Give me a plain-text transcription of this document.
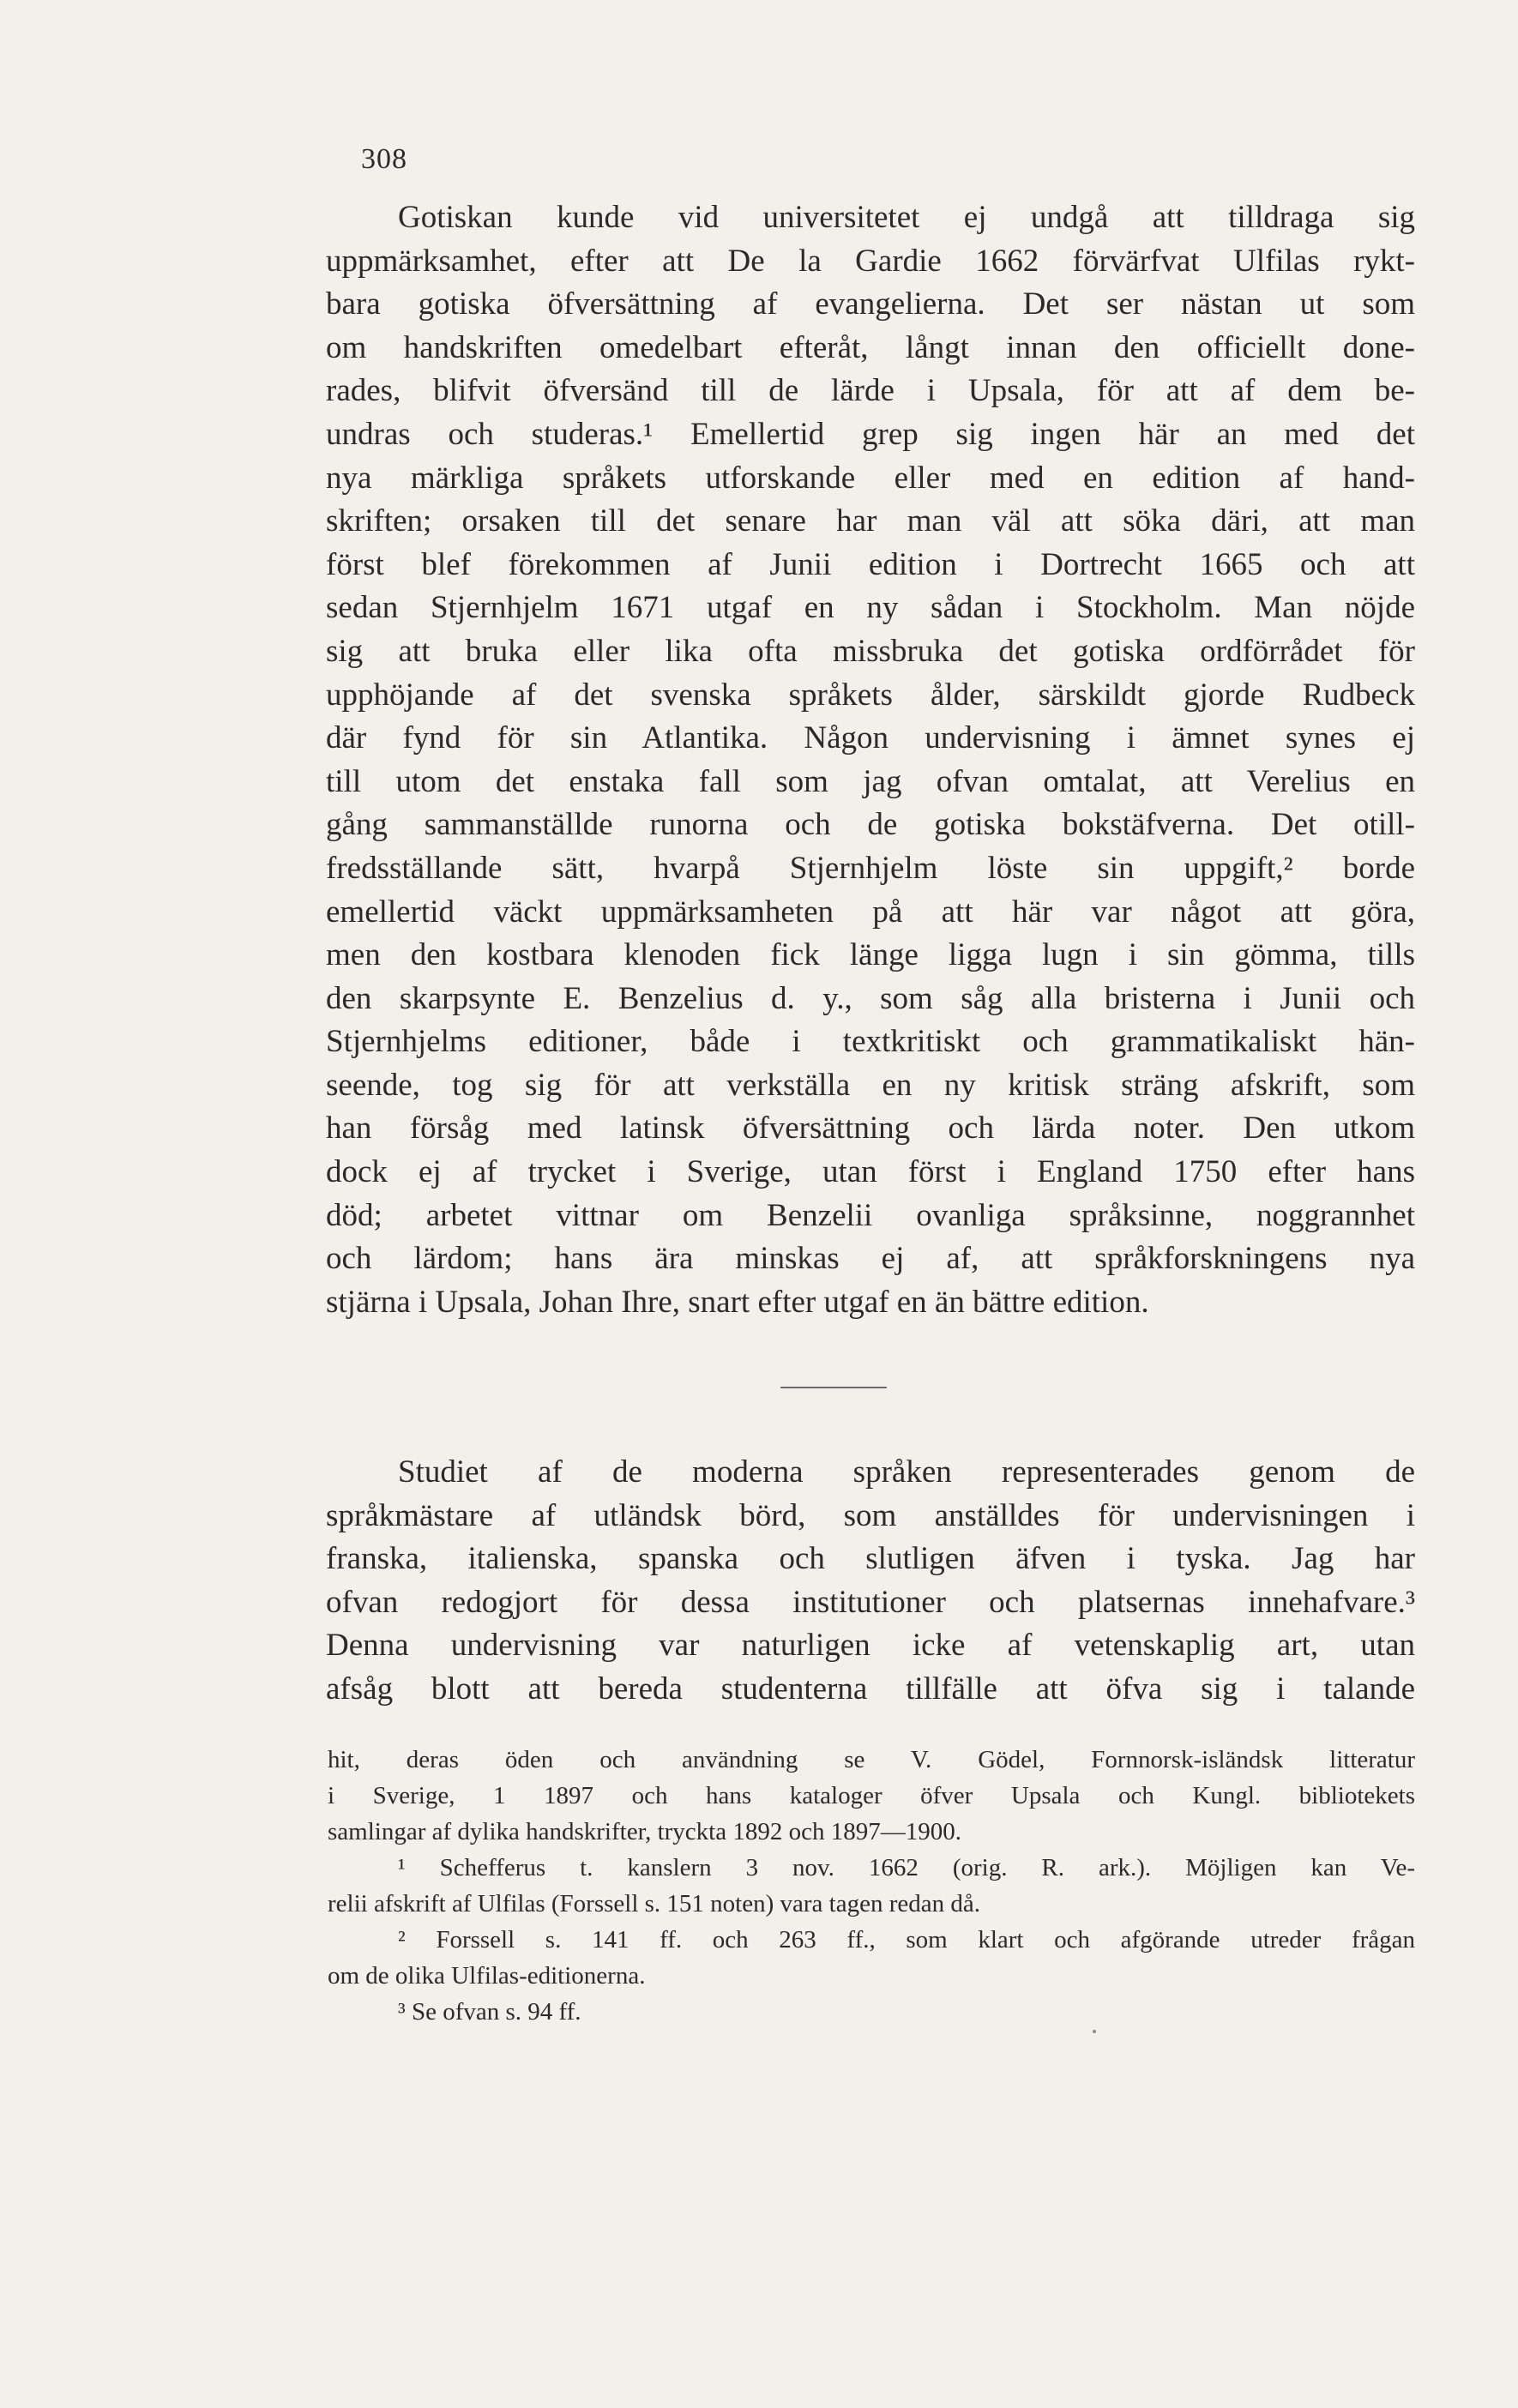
308
Gotiskan kunde vid universitetet ej undgå att tilldraga sig
uppmärksamhet, efter att De la Gardie 1662 förvärfvat Ulfilas rykt-
bara gotiska öfversättning af evangelierna. Det ser nästan ut som
om handskriften omedelbart efteråt, långt innan den officiellt done-
rades, blifvit öfversänd till de lärde i Upsala, för att af dem be-
undras och studeras.¹ Emellertid grep sig ingen här an med det
nya märkliga språkets utforskande eller med en edition af hand-
skriften; orsaken till det senare har man väl att söka däri, att man
först blef förekommen af Junii edition i Dortrecht 1665 och att
sedan Stjernhjelm 1671 utgaf en ny sådan i Stockholm. Man nöjde
sig att bruka eller lika ofta missbruka det gotiska ordförrådet för
upphöjande af det svenska språkets ålder, särskildt gjorde Rudbeck
där fynd för sin Atlantika. Någon undervisning i ämnet synes ej
till utom det enstaka fall som jag ofvan omtalat, att Verelius en
gång sammanställde runorna och de gotiska bokstäfverna. Det otill-
fredsställande sätt, hvarpå Stjernhjelm löste sin uppgift,² borde
emellertid väckt uppmärksamheten på att här var något att göra,
men den kostbara klenoden fick länge ligga lugn i sin gömma, tills
den skarpsynte E. Benzelius d. y., som såg alla bristerna i Junii och
Stjernhjelms editioner, både i textkritiskt och grammatikaliskt hän-
seende, tog sig för att verkställa en ny kritisk sträng afskrift, som
han försåg med latinsk öfversättning och lärda noter. Den utkom
dock ej af trycket i Sverige, utan först i England 1750 efter hans
död; arbetet vittnar om Benzelii ovanliga språksinne, noggrannhet
och lärdom; hans ära minskas ej af, att språkforskningens nya
stjärna i Upsala, Johan Ihre, snart efter utgaf en än bättre edition.
Studiet af de moderna språken representerades genom de
språkmästare af utländsk börd, som anställdes för undervisningen i
franska, italienska, spanska och slutligen äfven i tyska. Jag har
ofvan redogjort för dessa institutioner och platsernas innehafvare.³
Denna undervisning var naturligen icke af vetenskaplig art, utan
afsåg blott att bereda studenterna tillfälle att öfva sig i talande
hit, deras öden och användning se V. Gödel, Fornnorsk-isländsk litteratur
i Sverige, 1 1897 och hans kataloger öfver Upsala och Kungl. bibliotekets
samlingar af dylika handskrifter, tryckta 1892 och 1897—1900.
¹ Schefferus t. kanslern 3 nov. 1662 (orig. R. ark.). Möjligen kan Ve-
relii afskrift af Ulfilas (Forssell s. 151 noten) vara tagen redan då.
² Forssell s. 141 ff. och 263 ff., som klart och afgörande utreder frågan
om de olika Ulfilas-editionerna.
³ Se ofvan s. 94 ff.
